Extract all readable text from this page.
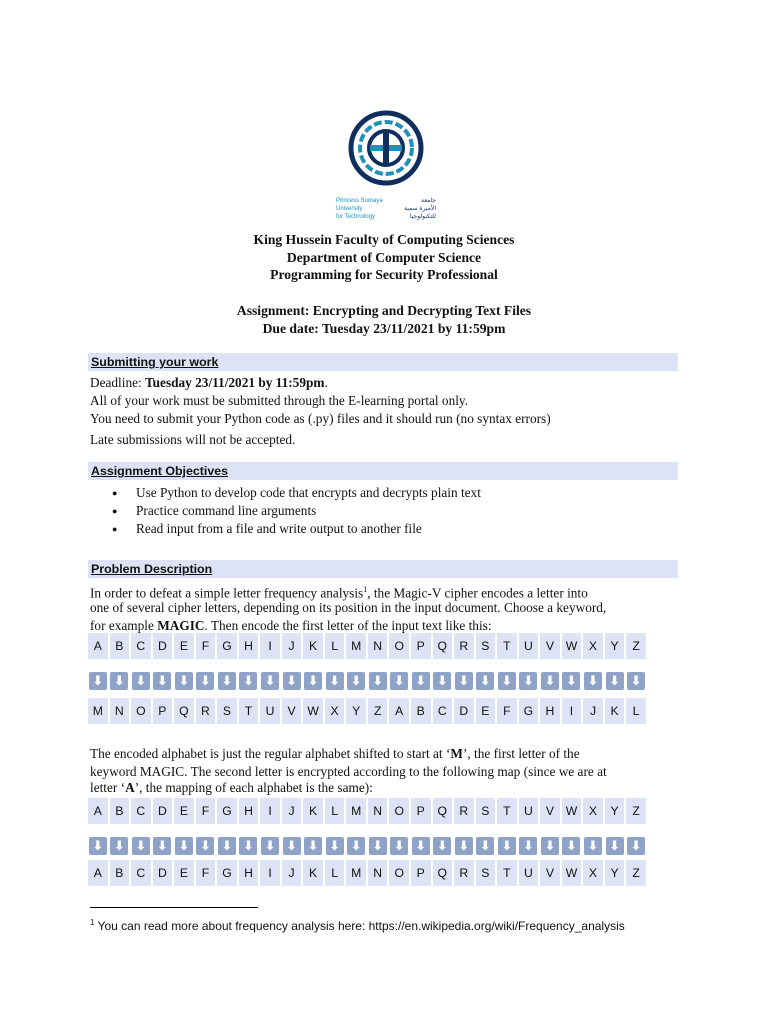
Princess Sumaya
University
for Technology
جامعة
الأميرة سمية
للتكنولوجيا
King Hussein Faculty of Computing Sciences
Department of Computer Science
Programming for Security Professional
Assignment: Encrypting and Decrypting Text Files
Due date: Tuesday 23/11/2021 by 11:59pm
Submitting your work
Deadline: Tuesday 23/11/2021 by 11:59pm.
All of your work must be submitted through the E-learning portal only.
You need to submit your Python code as (.py) files and it should run (no syntax errors)
Late submissions will not be accepted.
Assignment Objectives
● Use Python to develop code that encrypts and decrypts plain text
● Practice command line arguments
● Read input from a file and write output to another file
Problem Description
In order to defeat a simple letter frequency analysis$^1$, the Magic-V cipher encodes a letter into
one of several cipher letters, depending on its position in the input document. Choose a keyword,
for example MAGIC. Then encode the first letter of the input text like this:
A	B	C	D	E	F	G	H	I	J	K	L	M N	O	P	Q	R	S	T	U	V W X	Y	Z
⬇ ⬇ ⬇ ⬇ ⬇ ⬇ ⬇ ⬇ ⬇ ⬇ ⬇ ⬇ ⬇ ⬇ ⬇ ⬇ ⬇ ⬇ ⬇ ⬇ ⬇ ⬇ ⬇ ⬇ ⬇ ⬇
M N	O	P	Q	R	S	T	U	V W X	Y	Z	A	B	C	D	E	F	G	H	I	J	K	L
The encoded alphabet is just the regular alphabet shifted to start at ‘M’, the first letter of the
keyword MAGIC. The second letter is encrypted according to the following map (since we are at
letter ‘A’, the mapping of each alphabet is the same):
A	B	C	D	E	F	G	H	I	J	K	L	M N	O	P	Q	R	S	T	U	V W X	Y	Z
⬇ ⬇ ⬇ ⬇ ⬇ ⬇ ⬇ ⬇ ⬇ ⬇ ⬇ ⬇ ⬇ ⬇ ⬇ ⬇ ⬇ ⬇ ⬇ ⬇ ⬇ ⬇ ⬇ ⬇ ⬇ ⬇
A	B	C	D	E	F	G	H	I	J	K	L	M N	O	P	Q	R	S	T	U	V W X	Y	Z
$^1$ You can read more about frequency analysis here: https://en.wikipedia.org/wiki/Frequency_analysis
